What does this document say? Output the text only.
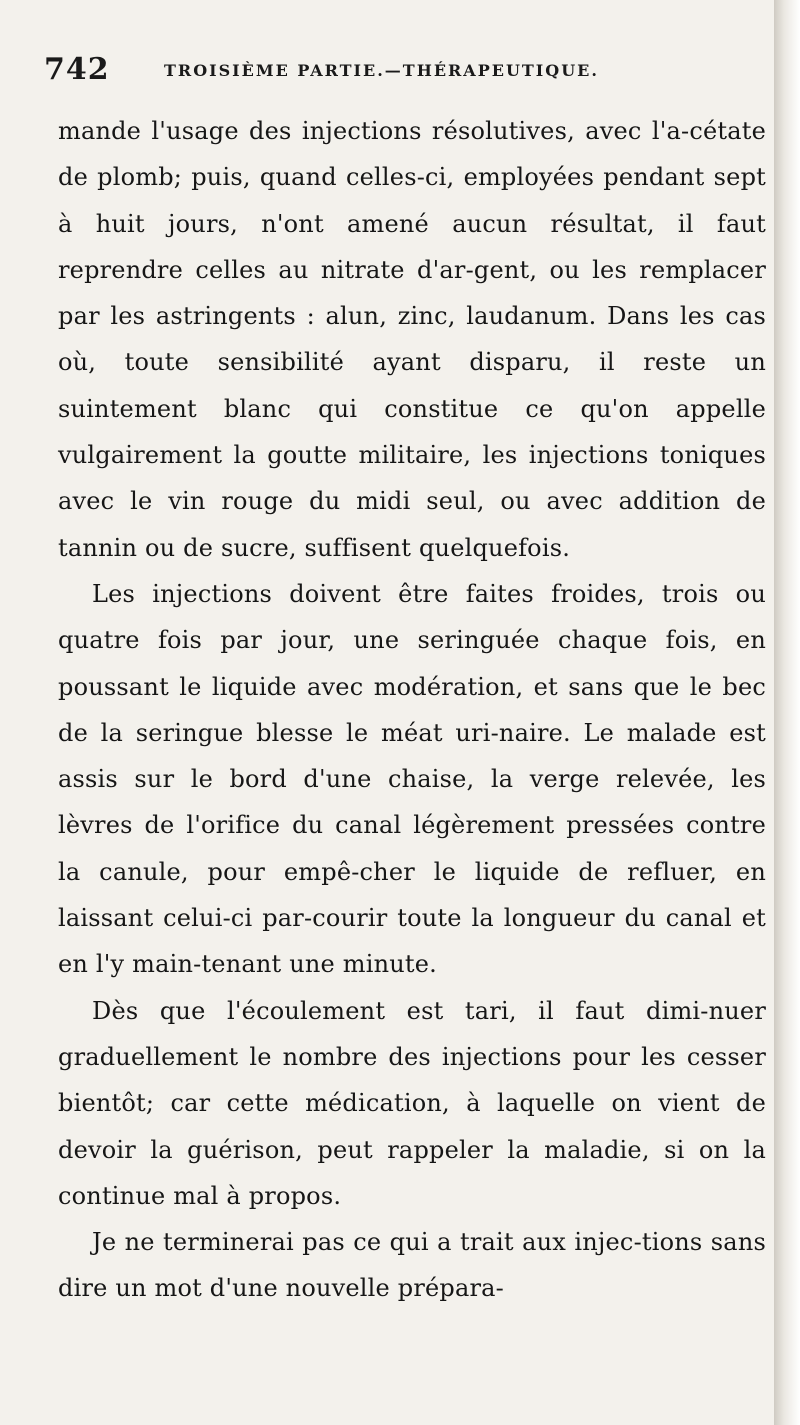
742	TROISIÈME PARTIE.—THÉRAPEUTIQUE.

mande l'usage des injections résolutives, avec l'a-cétate de plomb; puis, quand celles-ci, employées pendant sept à huit jours, n'ont amené aucun résultat, il faut reprendre celles au nitrate d'ar-gent, ou les remplacer par les astringents : alun, zinc, laudanum. Dans les cas où, toute sensibilité ayant disparu, il reste un suintement blanc qui constitue ce qu'on appelle vulgairement la goutte militaire, les injections toniques avec le vin rouge du midi seul, ou avec addition de tannin ou de sucre, suffisent quelquefois.

Les injections doivent être faites froides, trois ou quatre fois par jour, une seringuée chaque fois, en poussant le liquide avec modération, et sans que le bec de la seringue blesse le méat uri-naire. Le malade est assis sur le bord d'une chaise, la verge relevée, les lèvres de l'orifice du canal légèrement pressées contre la canule, pour empê-cher le liquide de refluer, en laissant celui-ci par-courir toute la longueur du canal et en l'y main-tenant une minute.

Dès que l'écoulement est tari, il faut dimi-nuer graduellement le nombre des injections pour les cesser bientôt; car cette médication, à laquelle on vient de devoir la guérison, peut rappeler la maladie, si on la continue mal à propos.

Je ne terminerai pas ce qui a trait aux injec-tions sans dire un mot d'une nouvelle prépara-
